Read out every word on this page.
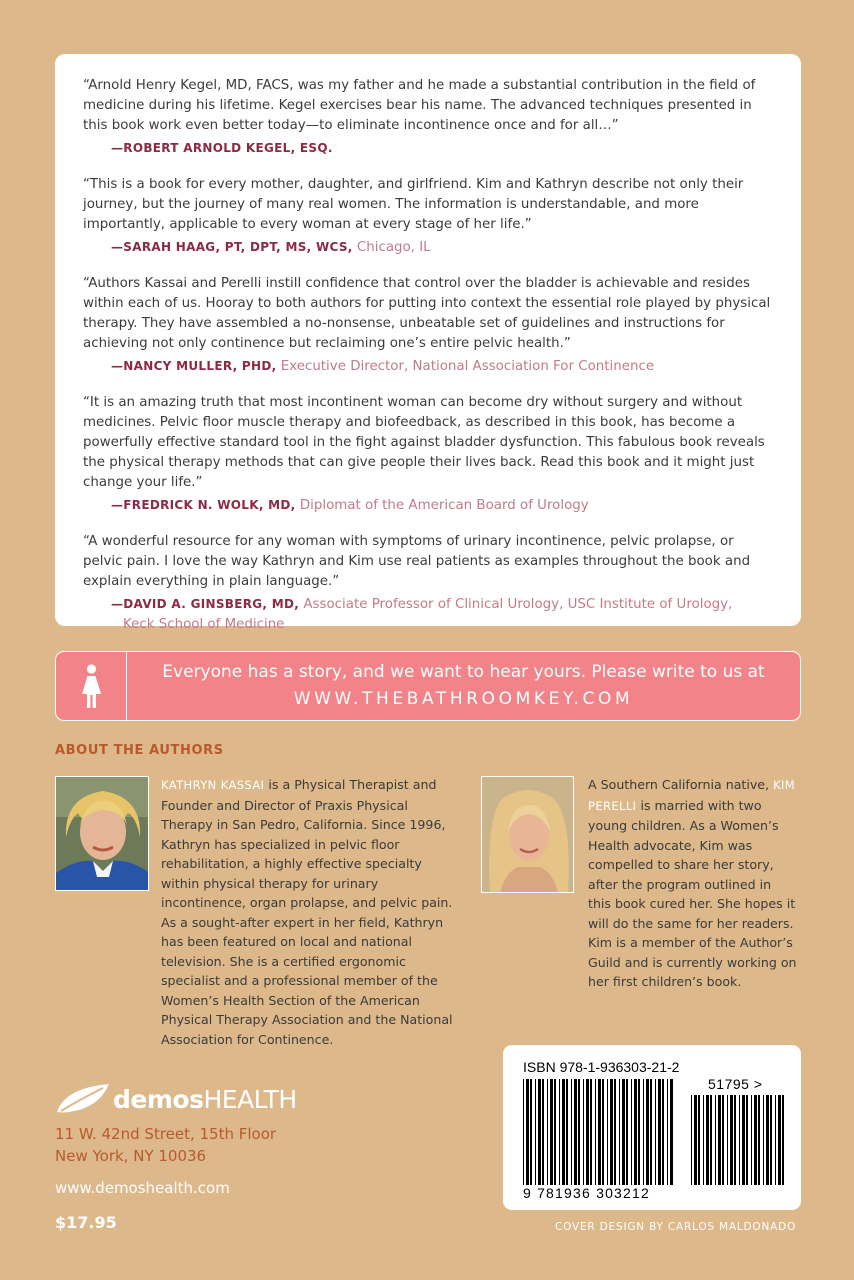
“Arnold Henry Kegel, MD, FACS, was my father and he made a substantial contribution in the field of medicine during his lifetime. Kegel exercises bear his name. The advanced techniques presented in this book work even better today—to eliminate incontinence once and for all…”

—ROBERT ARNOLD KEGEL, ESQ.

“This is a book for every mother, daughter, and girlfriend. Kim and Kathryn describe not only their journey, but the journey of many real women. The information is understandable, and more importantly, applicable to every woman at every stage of her life.”

—SARAH HAAG, PT, DPT, MS, WCS, Chicago, IL

“Authors Kassai and Perelli instill confidence that control over the bladder is achievable and resides within each of us. Hooray to both authors for putting into context the essential role played by physical therapy. They have assembled a no-nonsense, unbeatable set of guidelines and instructions for achieving not only continence but reclaiming one’s entire pelvic health.”

—NANCY MULLER, PHD, Executive Director, National Association For Continence

“It is an amazing truth that most incontinent woman can become dry without surgery and without medicines. Pelvic floor muscle therapy and biofeedback, as described in this book, has become a powerfully effective standard tool in the fight against bladder dysfunction. This fabulous book reveals the physical therapy methods that can give people their lives back. Read this book and it might just change your life.”

—FREDRICK N. WOLK, MD, Diplomat of the American Board of Urology

“A wonderful resource for any woman with symptoms of urinary incontinence, pelvic prolapse, or pelvic pain. I love the way Kathryn and Kim use real patients as examples throughout the book and explain everything in plain language.”

—DAVID A. GINSBERG, MD, Associate Professor of Clinical Urology, USC Institute of Urology,
Keck School of Medicine

Everyone has a story, and we want to hear yours. Please write to us at
WWW.THEBATHROOMKEY.COM
ABOUT THE AUTHORS

KATHRYN KASSAI is a Physical Therapist and Founder and Director of Praxis Physical Therapy in San Pedro, California. Since 1996, Kathryn has specialized in pelvic floor rehabilitation, a highly effective specialty within physical therapy for urinary incontinence, organ prolapse, and pelvic pain. As a sought-after expert in her field, Kathryn has been featured on local and national television. She is a certified ergonomic specialist and a professional member of the Women’s Health Section of the American Physical Therapy Association and the National Association for Continence.

A Southern California native, KIM PERELLI is married with two young children. As a Women’s Health advocate, Kim was compelled to share her story, after the program outlined in this book cured her. She hopes it will do the same for her readers. Kim is a member of the Author’s Guild and is currently working on her first children’s book.

demosHEALTH
11 W. 42nd Street, 15th Floor
New York, NY 10036
www.demoshealth.com
$17.95
ISBN 978-1-936303-21-2
51795 >
9 781936 303212
COVER DESIGN BY CARLOS MALDONADO
